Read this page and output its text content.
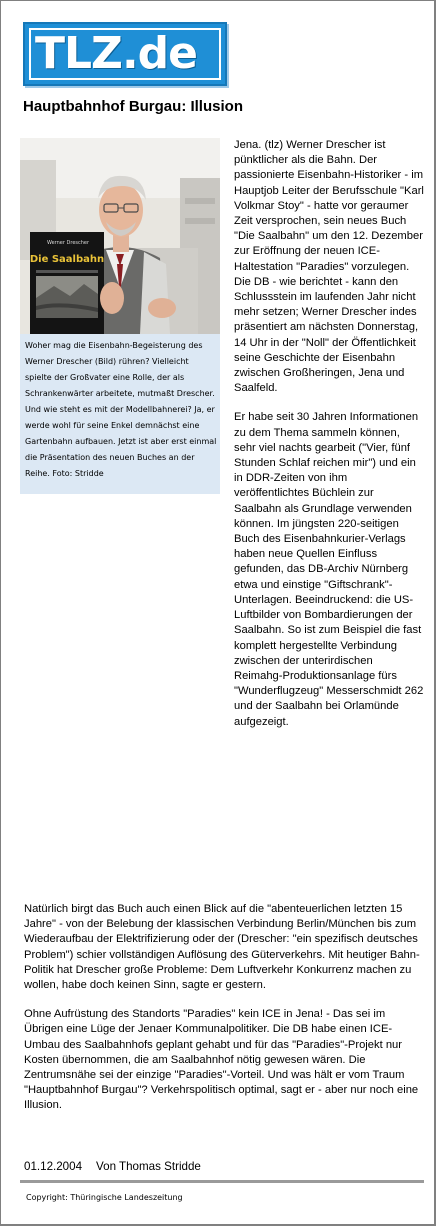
TLZ.de
Hauptbahnhof Burgau: Illusion
Werner Drescher
Die Saalbahn
Woher mag die Eisenbahn-Begeisterung des Werner Drescher (Bild) rühren? Vielleicht spielte der Großvater eine Rolle, der als Schrankenwärter arbeitete, mutmaßt Drescher. Und wie steht es mit der Modellbahnerei? Ja, er werde wohl für seine Enkel demnächst eine Gartenbahn aufbauen. Jetzt ist aber erst einmal die Präsentation des neuen Buches an der Reihe. Foto: Stridde

Jena. (tlz) Werner Drescher ist pünktlicher als die Bahn. Der passionierte Eisenbahn-Historiker - im Hauptjob Leiter der Berufsschule "Karl Volkmar Stoy" - hatte vor geraumer Zeit versprochen, sein neues Buch "Die Saalbahn" um den 12. Dezember zur Eröffnung der neuen ICE-Haltestation "Paradies" vorzulegen. Die DB - wie berichtet - kann den Schlussstein im laufenden Jahr nicht mehr setzen; Werner Drescher indes präsentiert am nächsten Donnerstag, 14 Uhr in der "Noll" der Öffentlichkeit seine Geschichte der Eisenbahn zwischen Großheringen, Jena und Saalfeld.

Er habe seit 30 Jahren Informationen zu dem Thema sammeln können, sehr viel nachts gearbeit ("Vier, fünf Stunden Schlaf reichen mir") und ein in DDR-Zeiten von ihm veröffentlichtes Büchlein zur Saalbahn als Grundlage verwenden können. Im jüngsten 220-seitigen Buch des Eisenbahnkurier-Verlags haben neue Quellen Einfluss gefunden, das DB-Archiv Nürnberg etwa und einstige "Giftschrank"-Unterlagen. Beeindruckend: die US-Luftbilder von Bombardierungen der Saalbahn. So ist zum Beispiel die fast komplett hergestellte Verbindung zwischen der unterirdischen Reimahg-Produktionsanlage fürs "Wunderflugzeug" Messerschmidt 262 und der Saalbahn bei Orlamünde aufgezeigt.

Natürlich birgt das Buch auch einen Blick auf die "abenteuerlichen letzten 15 Jahre" - von der Belebung der klassischen Verbindung Berlin/München bis zum Wiederaufbau der Elektrifizierung oder der (Drescher: "ein spezifisch deutsches Problem") schier vollständigen Auflösung des Güterverkehrs. Mit heutiger Bahn-Politik hat Drescher große Probleme: Dem Luftverkehr Konkurrenz machen zu wollen, habe doch keinen Sinn, sagte er gestern.

Ohne Aufrüstung des Standorts "Paradies" kein ICE in Jena! - Das sei im Übrigen eine Lüge der Jenaer Kommunalpolitiker. Die DB habe einen ICE-Umbau des Saalbahnhofs geplant gehabt und für das "Paradies"-Projekt nur Kosten übernommen, die am Saalbahnhof nötig gewesen wären. Die Zentrumsnähe sei der einzige "Paradies"-Vorteil. Und was hält er vom Traum "Hauptbahnhof Burgau"? Verkehrspolitisch optimal, sagt er - aber nur noch eine Illusion.

01.12.2004 Von Thomas Stridde
Copyright: Thüringische Landeszeitung
